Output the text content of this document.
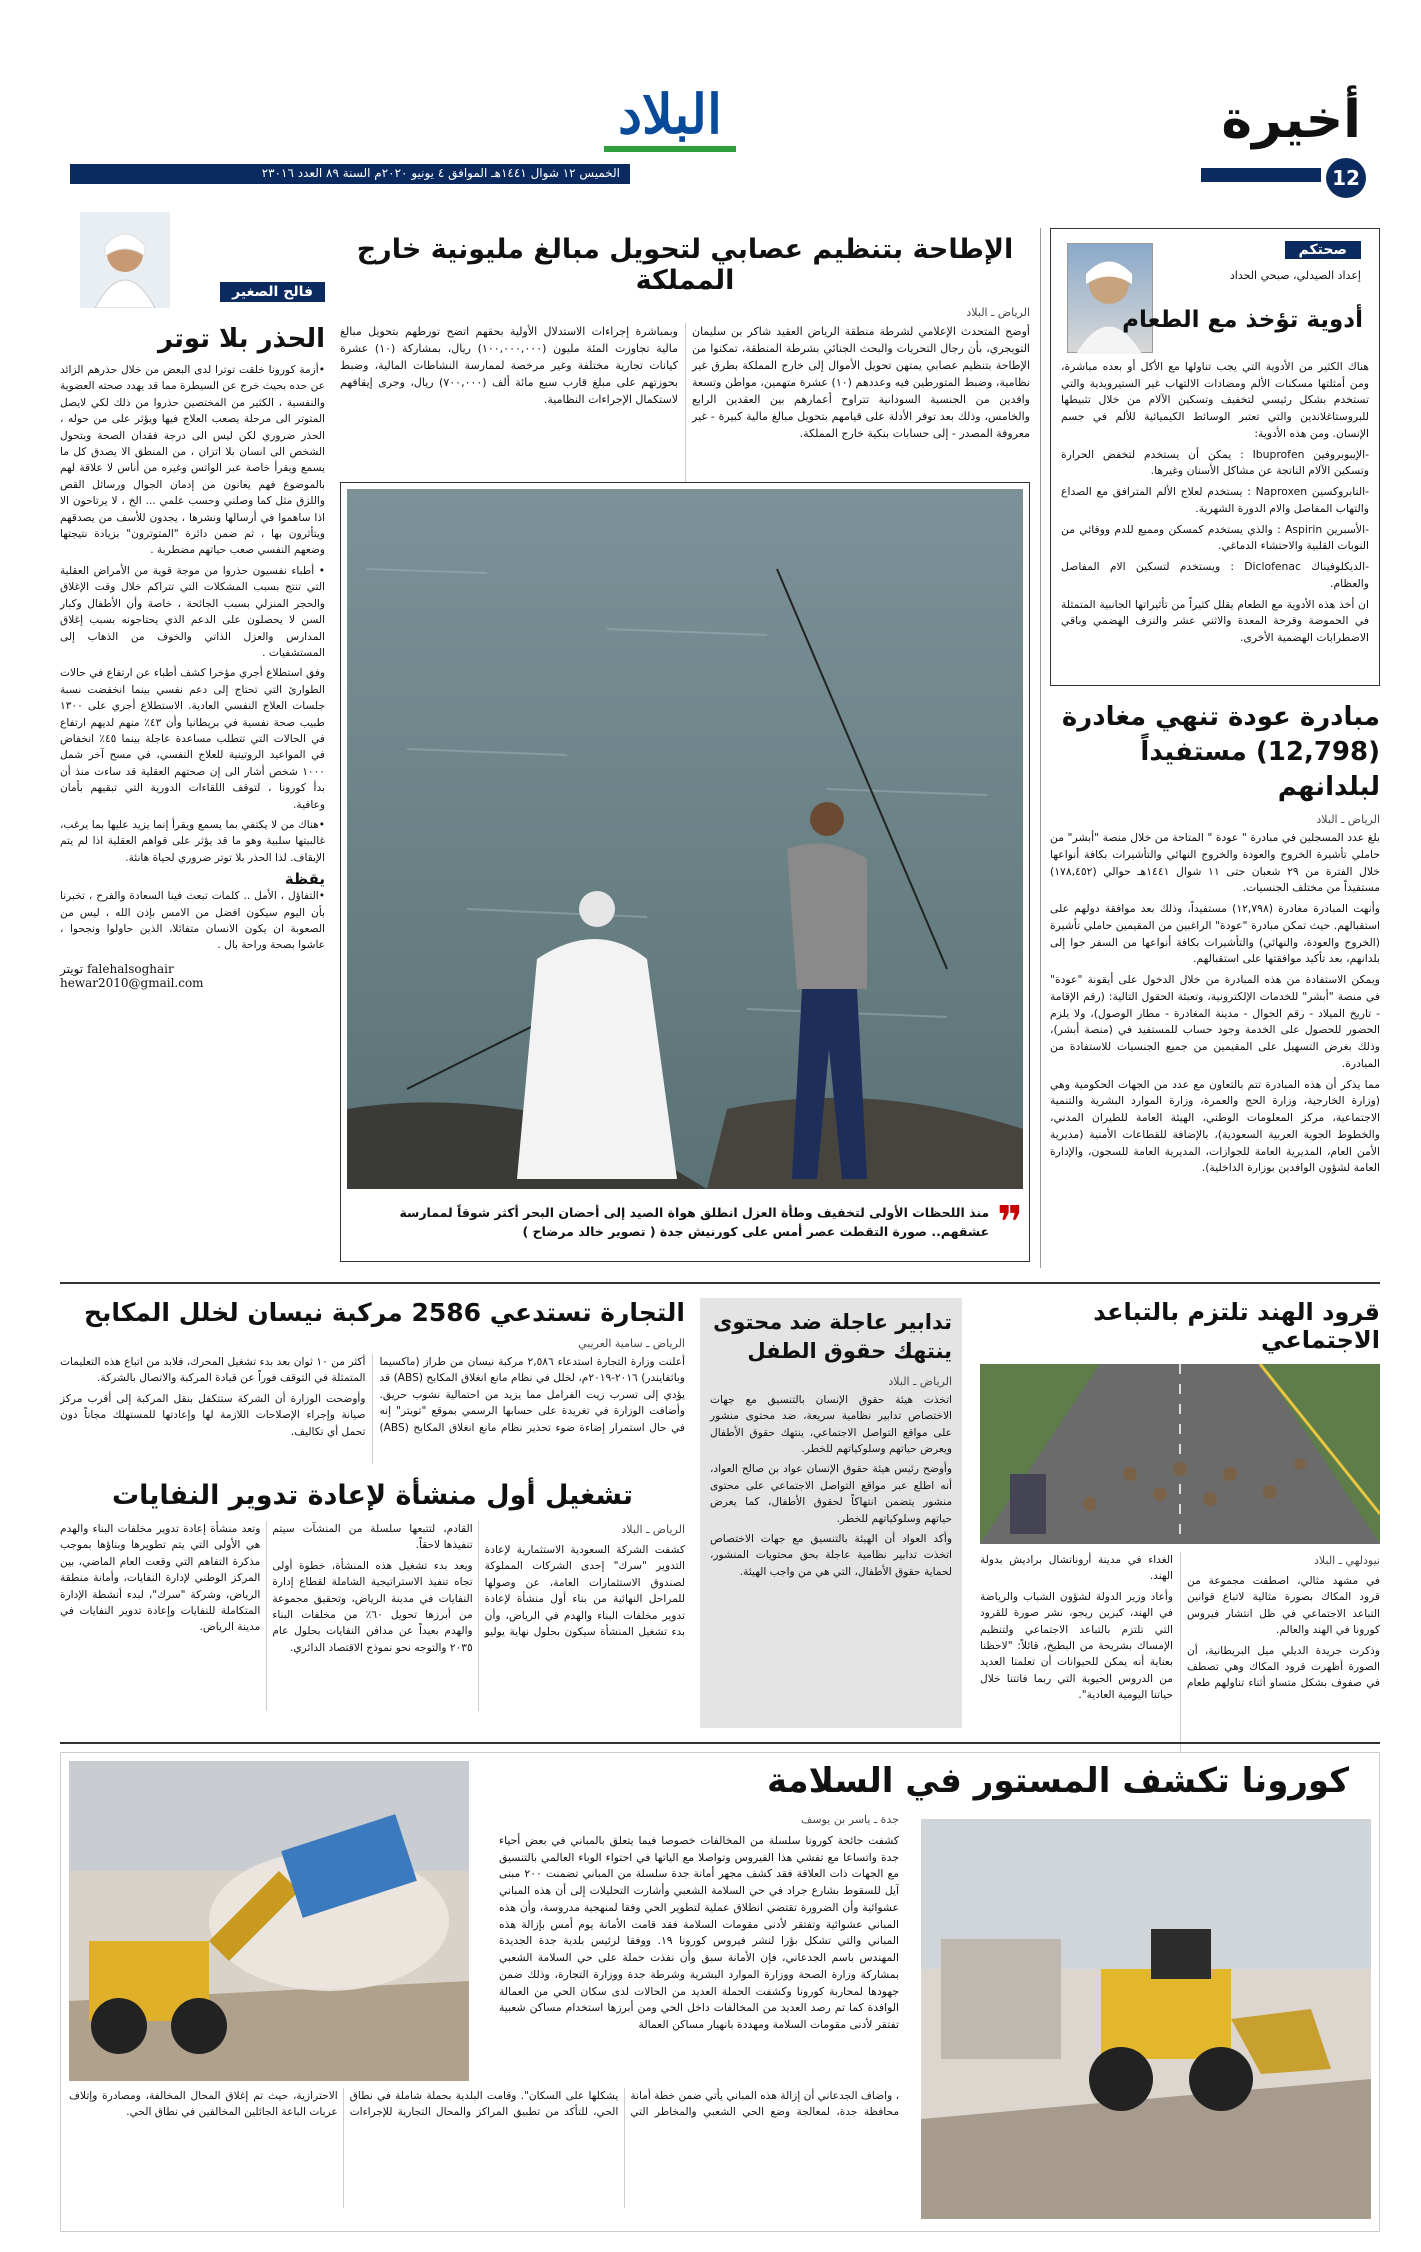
أخيرة
12
البلاد
الخميس ١٢ شوال ١٤٤١هـ الموافق ٤ يونيو ٢٠٢٠م السنة ٨٩ العدد ٢٣٠١٦
صحتكم
إعداد الصيدلي، صبحي الحداد
أدوية تؤخذ مع الطعام

هناك الكثير من الأدوية التي يجب تناولها مع الأكل أو بعده مباشرة، ومن أمثلتها مسكنات الألم ومضادات الالتهاب غير الستيرويدية والتي تستخدم بشكل رئيسي لتخفيف وتسكين الآلام من خلال تثبيطها للبروستاغلاندين والتي تعتبر الوسائط الكيميائية للألم في جسم الإنسان. ومن هذه الأدوية:

-الإيبوبروفين Ibuprofen : يمكن أن يستخدم لتخفض الحرارة وتسكين الآلام الناتجة عن مشاكل الأسنان وغيرها.

-النابروكسين Naproxen : يستخدم لعلاج الألم المترافق مع الصداع والتهاب المفاصل والام الدورة الشهرية.

-الأسبرين Aspirin : والذي يستخدم كمسكن ومميع للدم ووقائي من النوبات القلبية والاحتشاء الدماغي.

-الديكلوفيناك Diclofenac : ويستخدم لتسكين الام المفاصل والعظام.

ان أخذ هذه الأدوية مع الطعام يقلل كثيراً من تأثيراتها الجانبية المتمثلة في الحموضة وقرحة المعدة والاثني عشر والنزف الهضمي وباقي الاضطرابات الهضمية الأخرى.

مبادرة عودة تنهي مغادرة (12,798) مستفيداً لبلدانهم
الرياض ـ البلاد

بلغ عدد المسجلين في مبادرة " عودة " المتاحة من خلال منصة "أبشر" من حاملي تأشيرة الخروج والعودة والخروج النهائي والتأشيرات بكافة أنواعها خلال الفترة من ٢٩ شعبان حتى ١١ شوال ١٤٤١هـ حوالي (١٧٨,٤٥٢) مستفيداً من مختلف الجنسيات.

وأنهت المبادرة مغادرة (١٢,٧٩٨) مستفيداً، وذلك بعد موافقة دولهم على استقبالهم. حيث تمكن مبادرة "عودة" الراغبين من المقيمين حاملي تأشيرة (الخروج والعودة، والنهائي) والتأشيرات بكافة أنواعها من السفر جوا إلى بلدانهم، بعد تأكيد موافقتها على استقبالهم.

ويمكن الاستفادة من هذه المبادرة من خلال الدخول على أيقونة "عودة" في منصة "أبشر" للخدمات الإلكترونية، وتعبئة الحقول التالية: (رقم الإقامة - تاريخ الميلاد - رقم الجوال - مدينة المغادرة - مطار الوصول)، ولا يلزم الحضور للحصول على الخدمة وجود حساب للمستفيد في (منصة أبشر)، وذلك بغرض التسهيل على المقيمين من جميع الجنسيات للاستفادة من المبادرة.

مما يذكر أن هذه المبادرة تتم بالتعاون مع عدد من الجهات الحكومية وهي (وزارة الخارجية، وزارة الحج والعمرة، وزارة الموارد البشرية والتنمية الاجتماعية، مركز المعلومات الوطني، الهيئة العامة للطيران المدني، والخطوط الجوية العربية السعودية)، بالإضافة للقطاعات الأمنية (مديرية الأمن العام، المديرية العامة للجوازات، المديرية العامة للسجون، والإدارة العامة لشؤون الوافدين بوزارة الداخلية).

الإطاحة بتنظيم عصابي لتحويل مبالغ مليونية خارج المملكة
الرياض ـ البلاد

أوضح المتحدث الإعلامي لشرطة منطقة الرياض العقيد شاكر بن سليمان التويجري، بأن رجال التحريات والبحث الجنائي بشرطة المنطقة، تمكنوا من الإطاحة بتنظيم عصابي يمتهن تحويل الأموال إلى خارج المملكة بطرق غير نظامية، وضبط المتورطين فيه وعددهم (١٠) عشرة متهمين، مواطن وتسعة وافدين من الجنسية السودانية تتراوح أعمارهم بين العقدين الرابع والخامس، وذلك بعد توفر الأدلة على قيامهم بتحويل مبالغ مالية كبيرة - غير معروفة المصدر - إلى حسابات بنكية خارج المملكة.

وبمباشرة إجراءات الاستدلال الأولية بحقهم اتضح تورطهم بتحويل مبالغ مالية تجاوزت المئة مليون (١٠٠,٠٠٠,٠٠٠) ريال، بمشاركة (١٠) عشرة كيانات تجارية مختلفة وغير مرخصة لممارسة النشاطات المالية، وضبط بحوزتهم على مبلغ قارب سبع مائة ألف (٧٠٠,٠٠٠) ريال، وجرى إيقافهم لاستكمال الإجراءات النظامية.

❞
منذ اللحظات الأولى لتخفيف وطأة العزل انطلق هواة الصيد إلى أحضان البحر أكثر شوقاً لممارسة عشقهم.. صورة التقطت عصر أمس على كورنيش جدة ( تصوير خالد مرضاح )
فالح الصغير
الحذر بلا توتر

•أزمة كورونا خلقت توترا لدى البعض من خلال حذرهم الزائد عن حده بحيث خرج عن السيطرة مما قد يهدد صحته العضوية والنفسية ، الكثير من المختصين حذروا من ذلك لكي لايصل المتوتر الى مرحلة يصعب العلاج فيها ويؤثر على من حوله ، الحذر ضروري لكن ليس الى درجة فقدان الصحة وبتحول الشخص الى انسان بلا اتزان ، من المنطق الا يصدق كل ما يسمع ويقرأ خاصة عبر الواتس وغيره من أناس لا علاقة لهم بالموضوع فهم يعانون من إدمان الجوال ورسائل القص واللزق مثل كما وصلني وحسب علمي ... الخ ، لا يرتاحون الا اذا ساهموا في أرسالها ونشرها ، يجدون للأسف من يصدقهم ويتأثرون بها ، ثم ضمن دائرة "المتوترون" بزيادة نتيجتها وضعهم النفسي صعب حياتهم مضطربة .

• أطباء نفسيون حذروا من موجة قوية من الأمراض العقلية التي تنتج بسبب المشكلات التي تتراكم خلال وقت الإغلاق والحجر المنزلي بسبب الجائحة ، خاصة وأن الأطفال وكبار السن لا يحصلون على الدعم الذي يحتاجونه بسبب إغلاق المدارس والعزل الذاتي والخوف من الذهاب إلى المستشفيات .

وفق استطلاع أجري مؤخرا كشف أطباء عن ارتفاع في حالات الطوارئ التي تحتاج إلى دعم نفسي بينما انخفضت نسبة جلسات العلاج النفسي العادية. الاستطلاع أجري على ١٣٠٠ طبيب صحة نفسية في بريطانيا وأن ٤٣٪ منهم لديهم ارتفاع في الحالات التي تتطلب مساعدة عاجلة بينما ٤٥٪ انخفاض في المواعيد الروتينية للعلاج النفسي، في مسح آخر شمل ١٠٠٠ شخص أشار الى إن صحتهم العقلية قد ساءت منذ أن بدأ كورونا ، لتوقف اللقاءات الدورية التي تبقيهم بأمان وعافية.

•هناك من لا يكتفي بما يسمع ويقرأ إنما يزيد عليها بما يرغب، غالبيتها سلبية وهو ما قد يؤثر على قواهم العقلية اذا لم يتم الإيقاف. لذا الحذر بلا توتر ضروري لحياة هانئة.

يقظة
•التفاؤل ، الأمل .. كلمات تبعث فينا السعادة والفرح ، تخبرنا بأن اليوم سيكون افضل من الامس بإذن الله ، ليس من الصعوبة ان يكون الانسان متفائلا، الذين حاولوا ونجحوا ، عاشوا بصحة وراحة بال .
تويتر falehalsoghair
hewar2010@gmail.com
قرود الهند تلتزم بالتباعد الاجتماعي
نيودلهي ـ البلاد

في مشهد مثالي، اصطفت مجموعة من قرود المكاك بصورة مثالية لاتباع قوانين التباعد الاجتماعي في ظل انتشار فيروس كورونا في الهند والعالم.

وذكرت جريدة الديلي ميل البريطانية، أن الصورة أظهرت قرود المكاك وهي تصطف في صفوف بشكل متساو أثناء تناولهم طعام الغداء في مدينة أروناتشال براديش بدولة الهند.

وأعاد وزير الدولة لشؤون الشباب والرياضة في الهند، كيرين ريجو، نشر صورة للقرود التي تلتزم بالتباعد الاجتماعي ولتنظيم الإمساك بشريحة من البطيخ، قائلاً: "لاحظنا بعناية أنه يمكن للحيوانات أن تعلمنا العديد من الدروس الحيوية التي ربما فاتتنا خلال حياتنا اليومية العادية".

تدابير عاجلة ضد محتوى ينتهك حقوق الطفل
الرياض ـ البلاد

اتخذت هيئة حقوق الإنسان بالتنسيق مع جهات الاختصاص تدابير نظامية سريعة، ضد محتوى منشور على مواقع التواصل الاجتماعي، ينتهك حقوق الأطفال ويعرض حياتهم وسلوكياتهم للخطر.

وأوضح رئيس هيئة حقوق الإنسان عواد بن صالح العواد، أنه اطلع عبر مواقع التواصل الاجتماعي على محتوى منشور يتضمن انتهاكاً لحقوق الأطفال، كما يعرض حياتهم وسلوكياتهم للخطر.

وأكد العواد أن الهيئة بالتنسيق مع جهات الاختصاص اتخذت تدابير نظامية عاجلة بحق محتويات المنشور، لحماية حقوق الأطفال، التي هي من واجب الهيئة.

التجارة تستدعي 2586 مركبة نيسان لخلل المكابح
الرياض ـ سامية العريبي

أعلنت وزارة التجارة استدعاء ٢,٥٨٦ مركبة نيسان من طراز (ماكسيما وباثفايندر) ٢٠١٦-٢٠١٩م، لخلل في نظام مانع انغلاق المكابح (ABS) قد يؤدي إلى تسرب زيت الفرامل مما يزيد من احتمالية نشوب حريق. وأضافت الوزارة في تغريدة على حسابها الرسمي بموقع "تويتر" إنه في حال استمرار إضاءة ضوء تحذير نظام مانع انغلاق المكابح (ABS) أكثر من ١٠ ثوان بعد بدء تشغيل المحرك، فلابد من اتباع هذه التعليمات المتمثلة في التوقف فوراً عن قيادة المركبة والاتصال بالشركة.

وأوضحت الوزارة أن الشركة ستتكفل بنقل المركبة إلى أقرب مركز صيانة وإجراء الإصلاحات اللازمة لها وإعادتها للمستهلك مجاناً دون تحمل أي تكاليف.

تشغيل أول منشأة لإعادة تدوير النفايات
الرياض ـ البلاد

كشفت الشركة السعودية الاستثمارية لإعادة التدوير "سرك" إحدى الشركات المملوكة لصندوق الاستثمارات العامة، عن وصولها للمراحل النهائية من بناء أول منشأة لإعادة تدوير مخلفات البناء والهدم في الرياض، وأن بدء تشغيل المنشأة سيكون بحلول نهاية يوليو القادم، لتتبعها سلسلة من المنشآت سيتم تنفيذها لاحقاً.

ويعد بدء تشغيل هذه المنشأة، خطوة أولى تجاه تنفيذ الاستراتيجية الشاملة لقطاع إدارة النفايات في مدينة الرياض، وتحقيق مجموعة من أبرزها تحويل ٦٠٪ من مخلفات البناء والهدم بعيداً عن مدافن النفايات بحلول عام ٢٠٣٥ والتوجه نحو نموذج الاقتصاد الدائري.

وتعد منشأة إعادة تدوير مخلفات البناء والهدم هي الأولى التي يتم تطويرها وبناؤها بموجب مذكرة التفاهم التي وقعت العام الماضي، بين المركز الوطني لإدارة النفايات، وأمانة منطقة الرياض، وشركة "سرك"، لبدء أنشطة الإدارة المتكاملة للنفايات وإعادة تدوير النفايات في مدينة الرياض.

كورونا تكشف المستور في السلامة
جدة ـ ياسر بن يوسف

كشفت جائحة كورونا سلسلة من المخالفات خصوصا فيما يتعلق بالمباني في بعض أحياء جدة واتساعا مع تفشي هذا الفيروس وتواصلا مع الياتها في احتواء الوباء العالمي بالتنسيق مع الجهات ذات العلاقة فقد كشف مجهر أمانة جدة سلسلة من المباني تضمنت ٢٠٠ مبنى آيل للسقوط بشارع جراد في حي السلامة الشعبي وأشارت التحليلات إلى أن هذه المباني عشوائية وأن الضرورة تقتضي انطلاق عملية لتطوير الحي وفقا لمنهجية مدروسة، وأن هذه المباني عشوائية وتفتقر لأدنى مقومات السلامة فقد قامت الأمانة يوم أمس بإزالة هذه المباني والتي تشكل بؤرا لنشر فيروس كورونا ١٩. ووفقا لرئيس بلدية جدة الجديدة المهندس باسم الجدعاني، فإن الأمانة سبق وأن نفذت حملة على حي السلامة الشعبي بمشاركة وزارة الصحة ووزارة الموارد البشرية وشرطة جدة ووزارة التجارة، وذلك ضمن جهودها لمحاربة كورونا وكشفت الحملة العديد من الحالات لدى سكان الحي من العمالة الوافدة كما تم رصد العديد من المخالفات داخل الحي ومن أبرزها استخدام مساكن شعبية تفتقر لأدنى مقومات السلامة ومهددة بانهيار مساكن العمالة

، واضاف الجدعاني أن إزالة هذه المباني يأتي ضمن خطة أمانة محافظة جدة، لمعالجة وضع الحي الشعبي والمخاطر التي يشكلها على السكان". وقامت البلدية بحملة شاملة في نطاق الحي، للتأكد من تطبيق المراكز والمحال التجارية للإجراءات الاحترازية، حيث تم إغلاق المحال المخالفة، ومصادرة وإتلاف عربات الباعة الجائلين المخالفين في نطاق الحي.
